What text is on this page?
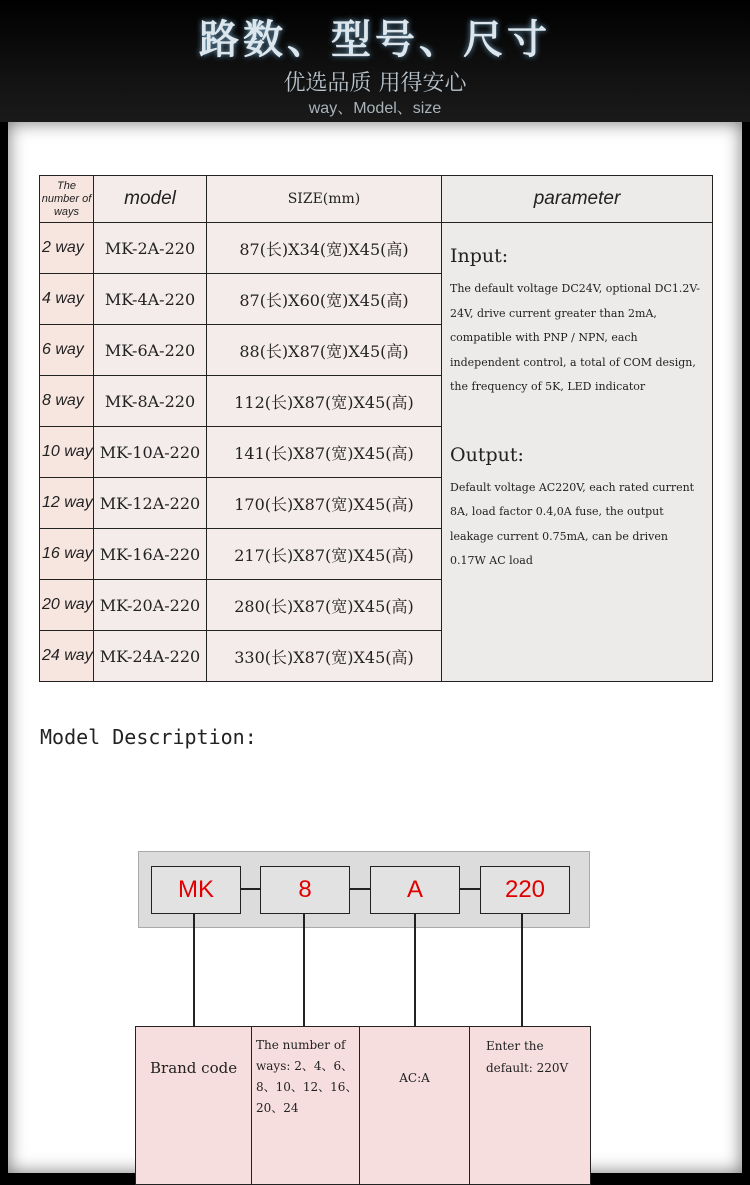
路数、型号、尺寸
优选品质 用得安心
way、Model、size
The number of ways	model	SIZE(mm)	parameter
2 way	MK-2A-220	87(长)X34(宽)X45(高)	Input:
The default voltage DC24V, optional DC1.2V-24V, drive current greater than 2mA, compatible with PNP / NPN, each independent control, a total of COM design, the frequency of 5K, LED indicator
Output:
Default voltage AC220V, each rated current 8A, load factor 0.4,0A fuse, the output leakage current 0.75mA, can be driven 0.17W AC load

4 way	MK-4A-220	87(长)X60(宽)X45(高)	
6 way	MK-6A-220	88(长)X87(宽)X45(高)	
8 way	MK-8A-220	112(长)X87(宽)X45(高)	
10 way	MK-10A-220	141(长)X87(宽)X45(高)	
12 way	MK-12A-220	170(长)X87(宽)X45(高)	
16 way	MK-16A-220	217(长)X87(宽)X45(高)	
20 way	MK-20A-220	280(长)X87(宽)X45(高)	
24 way	MK-24A-220	330(长)X87(宽)X45(高)	
Model Description:
MK	8	A	220
Brand code	The number of ways: 2、4、6、8、10、12、16、20、24	AC:A	Enter the default: 220V
